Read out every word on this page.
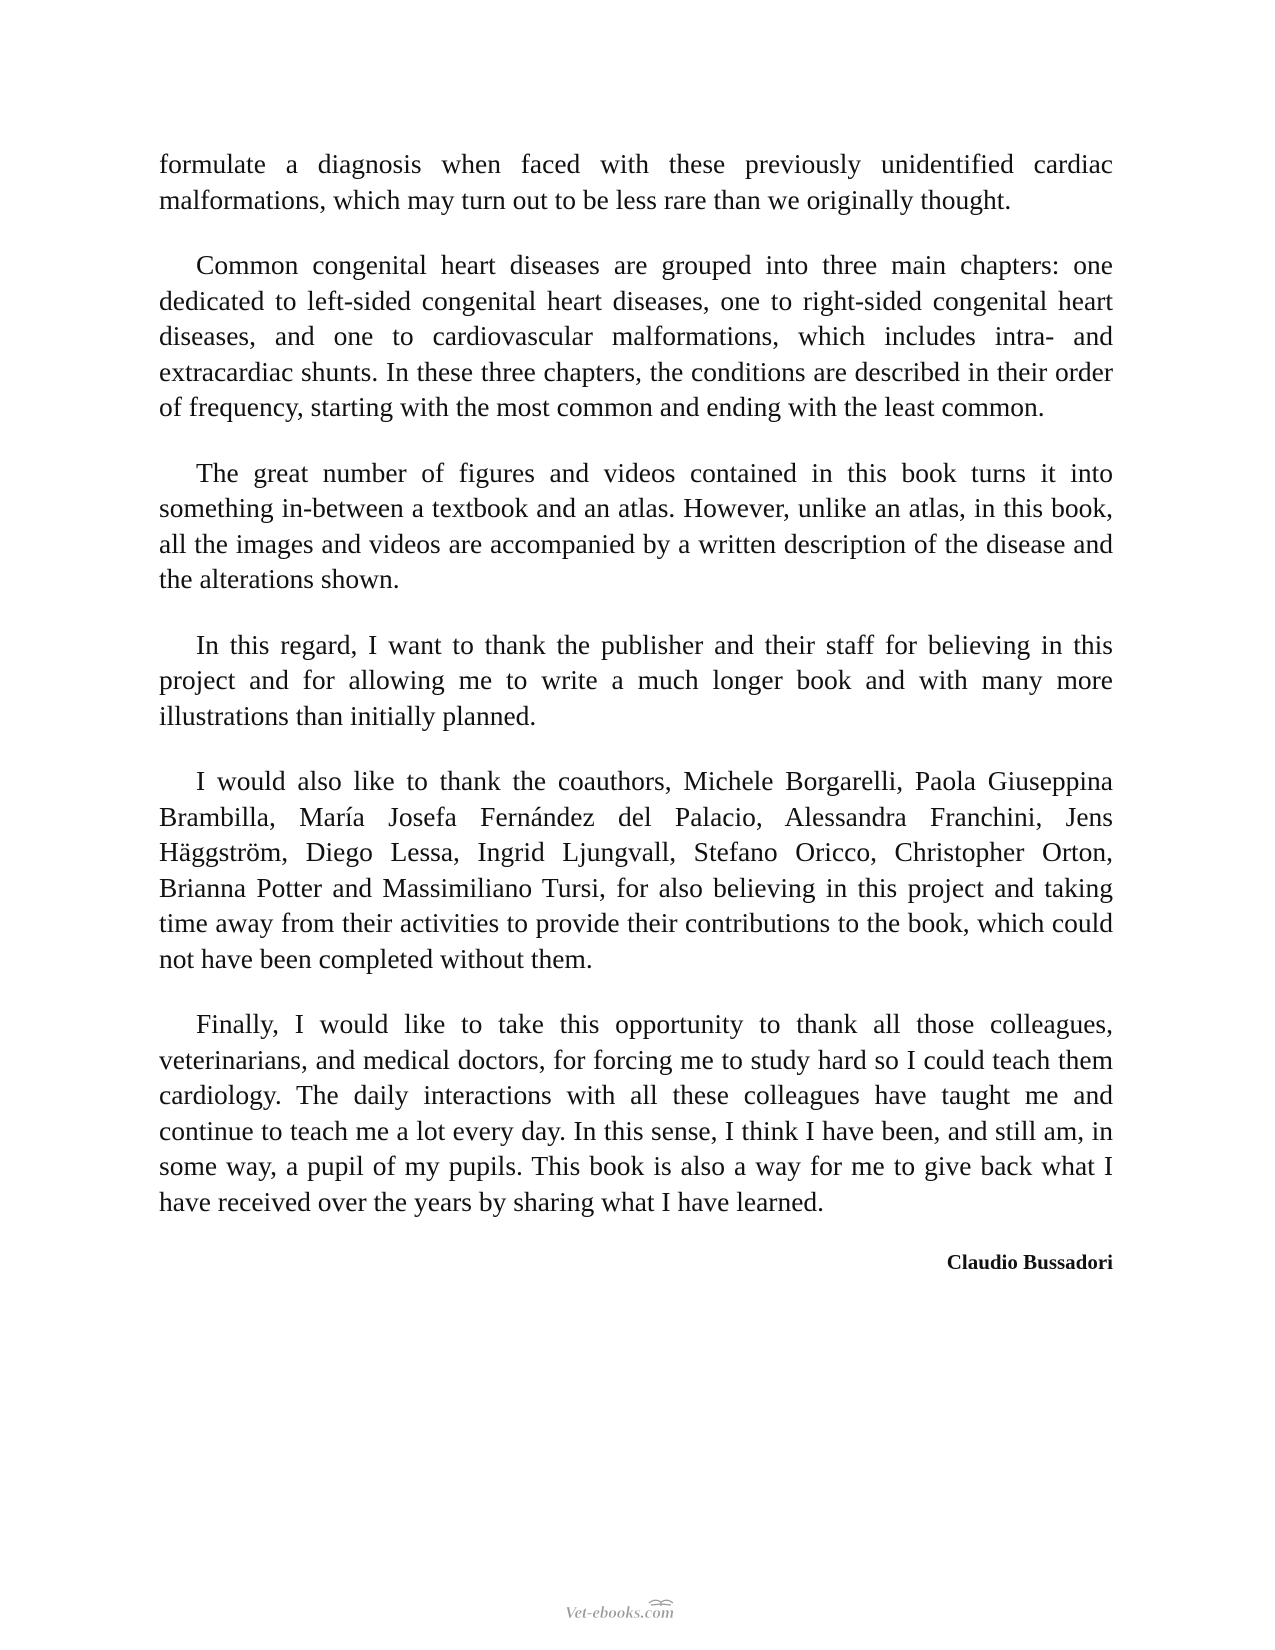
formulate a diagnosis when faced with these previously unidentified cardiac malformations, which may turn out to be less rare than we originally thought.

Common congenital heart diseases are grouped into three main chapters: one dedicated to left-sided congenital heart diseases, one to right-sided congenital heart diseases, and one to cardiovascular malformations, which includes intra- and extracardiac shunts. In these three chapters, the conditions are described in their order of frequency, starting with the most common and ending with the least common.

The great number of figures and videos contained in this book turns it into something in-between a textbook and an atlas. However, unlike an atlas, in this book, all the images and videos are accompanied by a written description of the disease and the alterations shown.

In this regard, I want to thank the publisher and their staff for believing in this project and for allowing me to write a much longer book and with many more illustrations than initially planned.

I would also like to thank the coauthors, Michele Borgarelli, Paola Giuseppina Brambilla, María Josefa Fernández del Palacio, Alessandra Franchini, Jens Häggström, Diego Lessa, Ingrid Ljungvall, Stefano Oricco, Christopher Orton, Brianna Potter and Massimiliano Tursi, for also believing in this project and taking time away from their activities to provide their contributions to the book, which could not have been completed without them.

Finally, I would like to take this opportunity to thank all those colleagues, veterinarians, and medical doctors, for forcing me to study hard so I could teach them cardiology. The daily interactions with all these colleagues have taught me and continue to teach me a lot every day. In this sense, I think I have been, and still am, in some way, a pupil of my pupils. This book is also a way for me to give back what I have received over the years by sharing what I have learned.

Claudio Bussadori
Vet-ebooks.com
